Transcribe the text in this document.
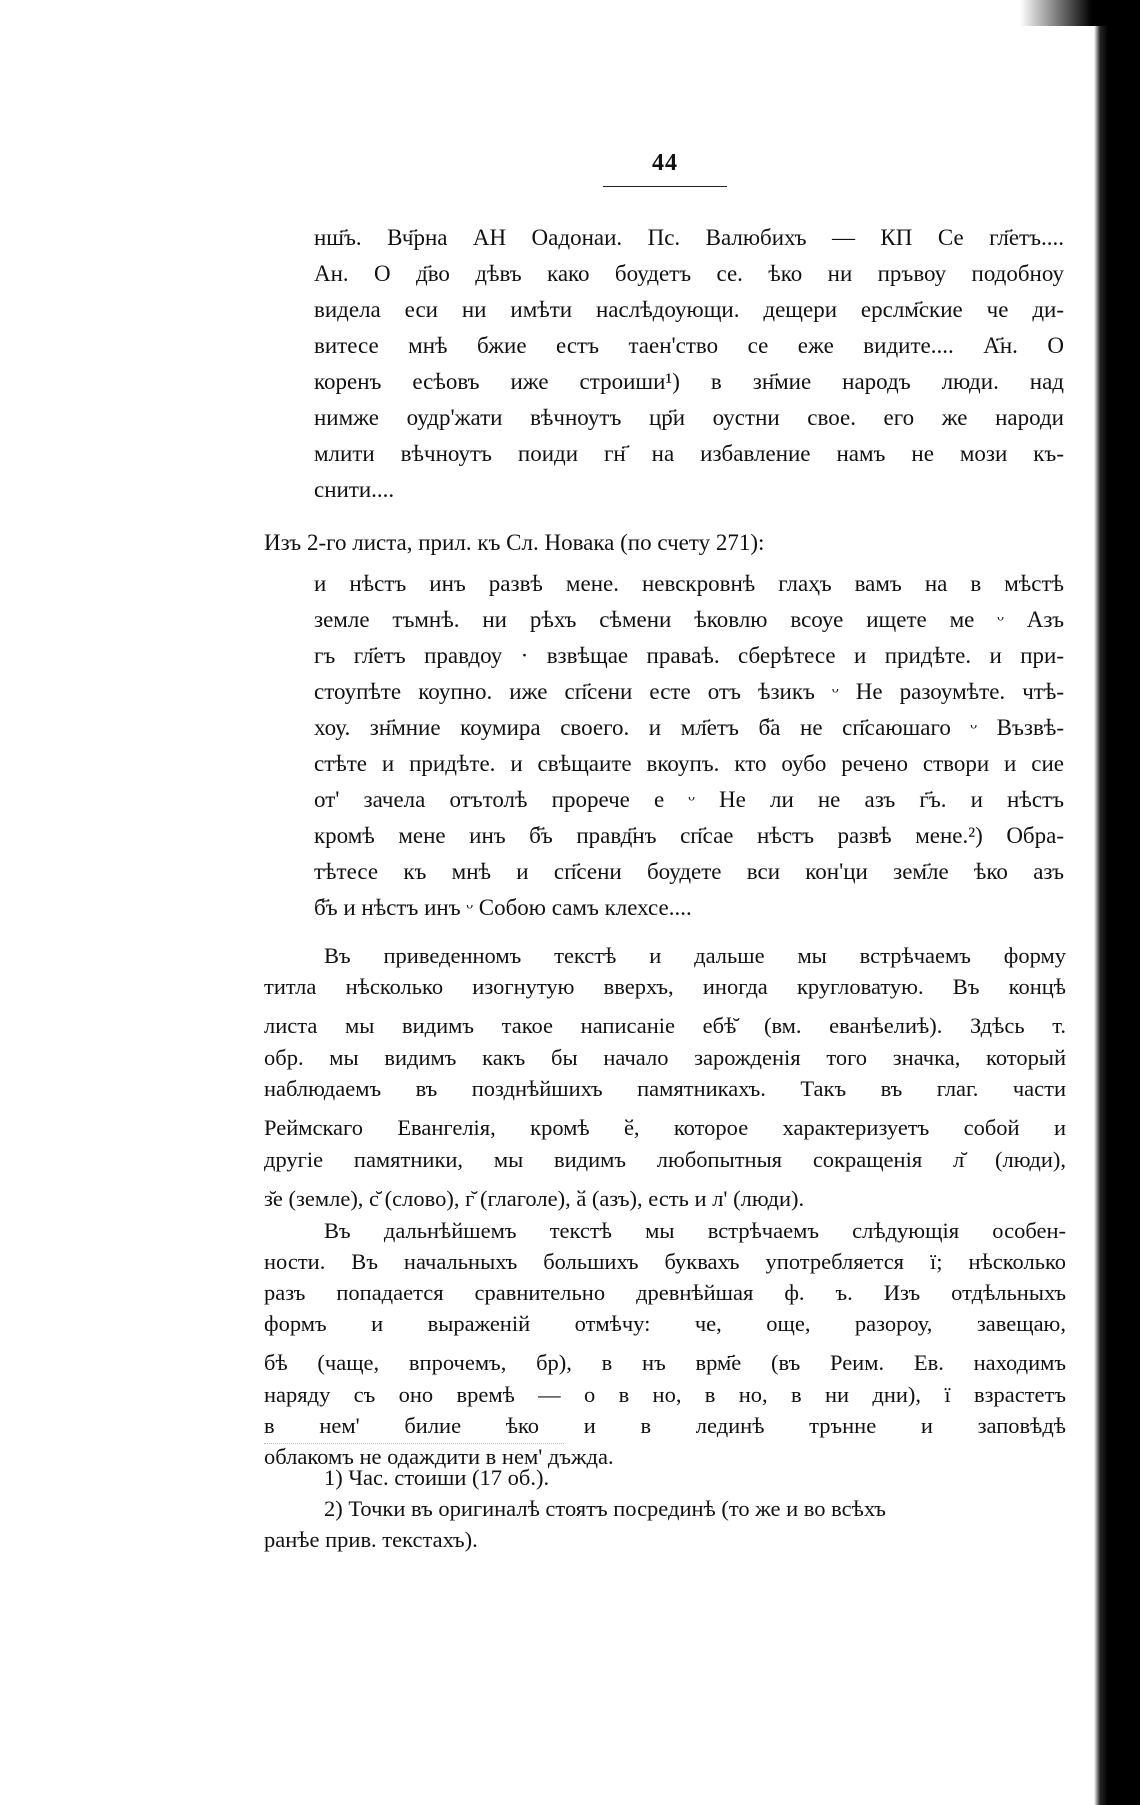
44
нш҃ъ. Вч҃рна АН Оадонаи. Пс. Валюбихъ — КП Се гл҃етъ....
Ан. О д҃во дѣвъ како боудетъ се. ѣко ни пръвоу подобноу
видела еси ни имѣти наслѣдоующи. дещери ерслм҃ские че ди-
витесе мнѣ бжие естъ таен'ство се еже видите.... А҃н. О
коренъ есѣовъ иже строиши¹) в зн҃мие народъ люди. над
нимже оудр'жати вѣчноутъ цр҃и оустни свое. его же народи
млити вѣчноутъ поиди гн҃ на избавление намъ не мози къ-
снити....
Изъ 2-го листа, прил. къ Сл. Новака (по счету 271):
и нѣстъ инъ развѣ мене. невскровнѣ глаҳъ вамъ на в мѣстѣ
земле тъмнѣ. ни рѣхъ сѣмени ѣковлю всоуе ищете ме ᵕ Азъ
гъ гл҃етъ правдоу · взвѣщае праваѣ. сберѣтесе и придѣте. и при-
стоупѣте коупно. иже сп҃сени есте отъ ѣзикъ ᵕ Не разоумѣте. чтѣ-
хоу. зн҃мние коумира своего. и мл҃етъ б҃а не сп҃саюшаго ᵕ Възвѣ-
стѣте и придѣте. и свѣщаите вкоупъ. кто оубо речено створи и сие
от' зачела отътолѣ прорече е ᵕ Не ли не азъ г҃ъ. и нѣстъ
кромѣ мене инъ б҃ъ правд҃нъ сп҃сае нѣстъ развѣ мене.²) Обра-
тѣтесе къ мнѣ и сп҃сени боудете вси кон'ци зем҃ле ѣко азъ
б҃ъ и нѣстъ инъ ᵕ Собою самъ клехсе....
Въ приведенномъ текстѣ и дальше мы встрѣчаемъ форму
титла нѣсколько изогнутую вверхъ, иногда кругловатую. Въ концѣ
листа мы видимъ такое написаніе ебѣ̆ (вм. еванѣелиѣ). Здѣсь т.
обр. мы видимъ какъ бы начало зарожденія того значка, который
наблюдаемъ въ позднѣйшихъ памятникахъ. Такъ въ глаг. части
Реймскаго Евангелія, кромѣ ӗ, которое характеризуетъ собой и
другіе памятники, мы видимъ любопытныя сокращенія л̆ (люди),
з̆е (земле), с̆ (слово), г̆ (глаголе), ӑ (азъ), есть и л' (люди).
Въ дальнѣйшемъ текстѣ мы встрѣчаемъ слѣдующія особен-
ности. Въ начальныхъ большихъ буквахъ употребляется ї; нѣсколько
разъ попадается сравнительно древнѣйшая ф. ъ. Изъ отдѣльныхъ
формъ и выраженій отмѣчу: че, още, разороу, завещаю,
бѣ (чаще, впрочемъ, бр), в нъ врм҃е (въ Реим. Ев. находимъ
наряду съ оно времѣ — о в но, в но, в ни дни), ї взрастетъ
в нем' билие ѣко и в лединѣ трънне и заповѣдѣ
облакомъ не одаждити в нем' дъжда.
1) Час. стоиши (17 об.).
2) Точки въ оригиналѣ стоятъ посрединѣ (то же и во всѣхъ
ранѣе прив. текстахъ).
